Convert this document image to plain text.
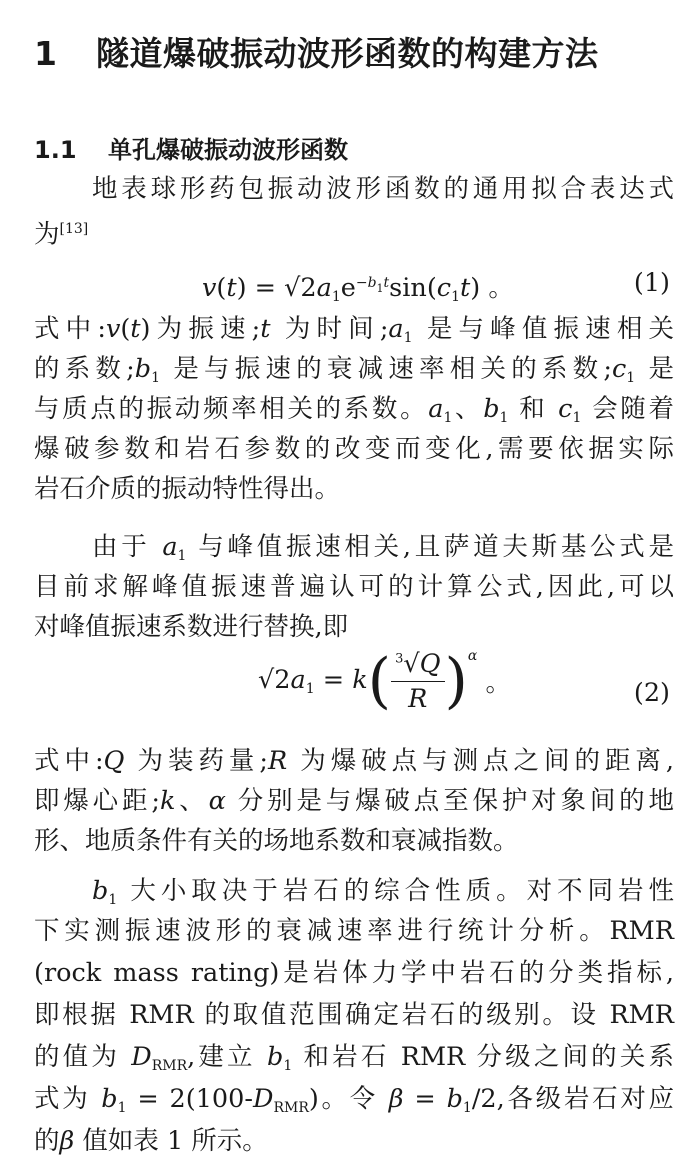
1 隧道爆破振动波形函数的构建方法
1.1 单孔爆破振动波形函数
地表球形药包振动波形函数的通用拟合表达式
为[13]
$v(t) = √2a_1e^{-b_1t}\sin(c_1t)$ 。	(1)
式中:v(t)为振速;t 为时间$;a_1$ 是与峰值振速相关
的系数$;b_1$ 是与振速的衰减速率相关的系数$;c_1$ 是
与质点的振动频率相关的系数。$a_1$、$b_1$ 和 $c_1$ 会随着
爆破参数和岩石参数的改变而变化,需要依据实际
岩石介质的振动特性得出。
由于 $a_1$ 与峰值振速相关,且萨道夫斯基公式是
目前求解峰值振速普遍认可的计算公式,因此,可以
对峰值振速系数进行替换,即
$√2a_1 = k( \frac{^3√Q}{R} )^\alpha$ 。	(2)
式中:Q 为装药量;R 为爆破点与测点之间的距离,
即爆心距;k、α 分别是与爆破点至保护对象间的地
形、地质条件有关的场地系数和衰减指数。
$b_1$ 大小取决于岩石的综合性质。对不同岩性
下实测振速波形的衰减速率进行统计分析。RMR
(rock mass rating)是岩体力学中岩石的分类指标,
即根据 RMR 的取值范围确定岩石的级别。设 RMR
的值为 $D_{RMR}$,建立 $b_1$ 和岩石 RMR 分级之间的关系
式为 $b_1 = 2(100-D_{RMR})$。令 $\beta = b_1/2$,各级岩石对应
的β 值如表 1 所示。
